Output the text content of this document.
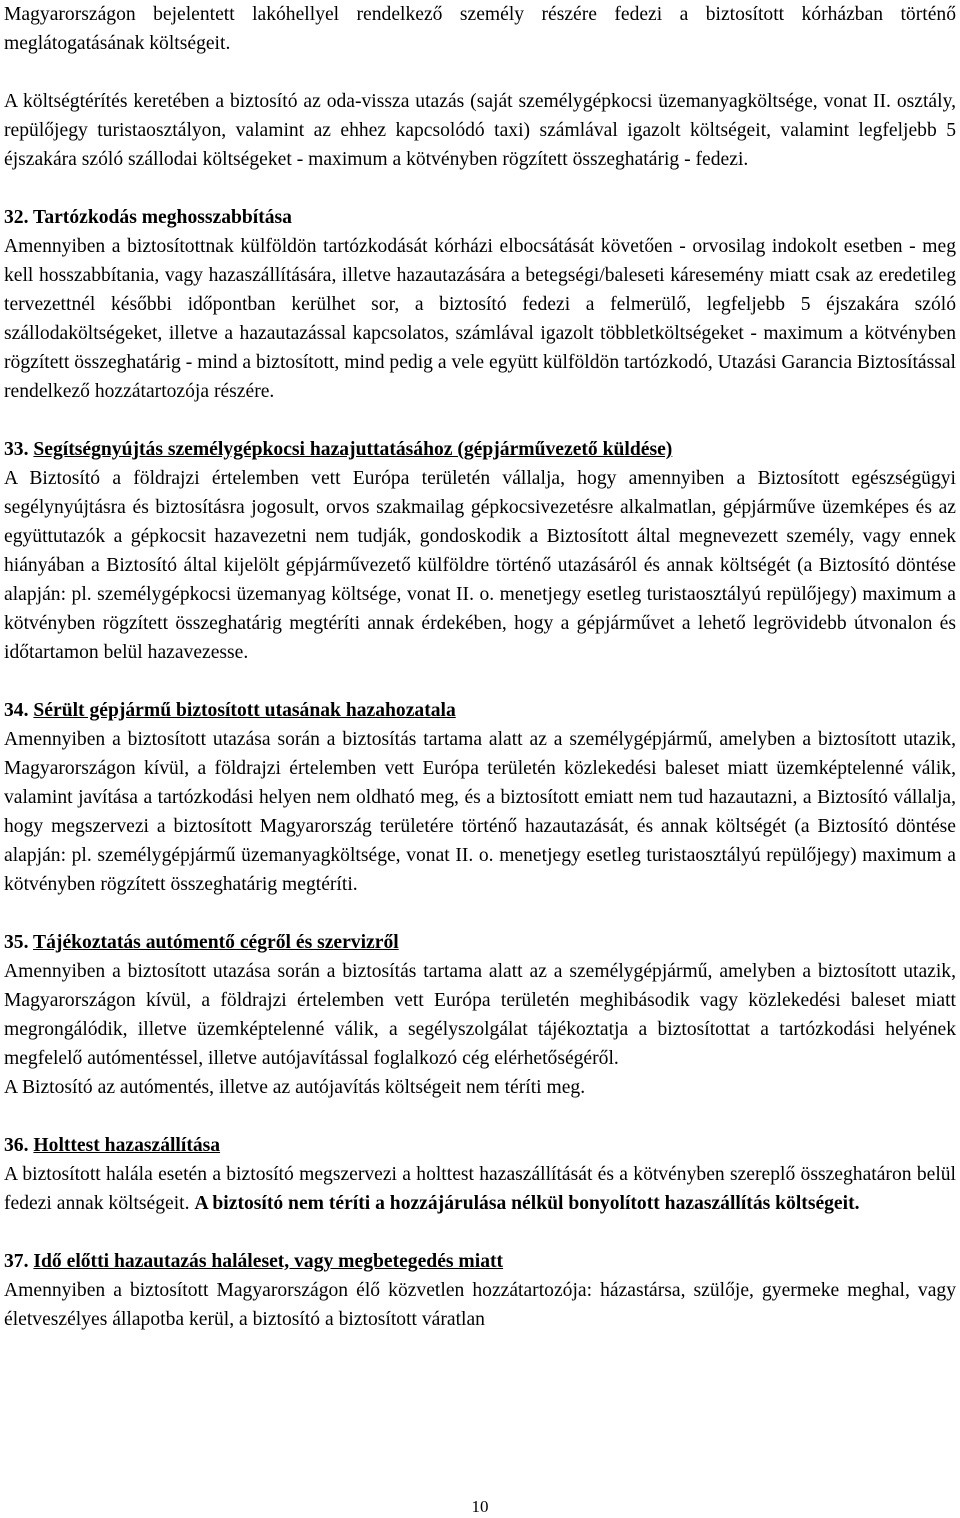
Magyarországon bejelentett lakóhellyel rendelkező személy részére fedezi a biztosított kórházban történő meglátogatásának költségeit.

A költségtérítés keretében a biztosító az oda-vissza utazás (saját személygépkocsi üzemanyagköltsége, vonat II. osztály, repülőjegy turistaosztályon, valamint az ehhez kapcsolódó taxi) számlával igazolt költségeit, valamint legfeljebb 5 éjszakára szóló szállodai költségeket - maximum a kötvényben rögzített összeghatárig - fedezi.

32. Tartózkodás meghosszabbítása

Amennyiben a biztosítottnak külföldön tartózkodását kórházi elbocsátását követően - orvosilag indokolt esetben - meg kell hosszabbítania, vagy hazaszállítására, illetve hazautazására a betegségi/baleseti káresemény miatt csak az eredetileg tervezettnél későbbi időpontban kerülhet sor, a biztosító fedezi a felmerülő, legfeljebb 5 éjszakára szóló szállodaköltségeket, illetve a hazautazással kapcsolatos, számlával igazolt többletköltségeket - maximum a kötvényben rögzített összeghatárig - mind a biztosított, mind pedig a vele együtt külföldön tartózkodó, Utazási Garancia Biztosítással rendelkező hozzátartozója részére.

33. Segítségnyújtás személygépkocsi hazajuttatásához (gépjárművezető küldése)

A Biztosító a földrajzi értelemben vett Európa területén vállalja, hogy amennyiben a Biztosított egészségügyi segélynyújtásra és biztosításra jogosult, orvos szakmailag gépkocsivezetésre alkalmatlan, gépjárműve üzemképes és az együttutazók a gépkocsit hazavezetni nem tudják, gondoskodik a Biztosított által megnevezett személy, vagy ennek hiányában a Biztosító által kijelölt gépjárművezető külföldre történő utazásáról és annak költségét (a Biztosító döntése alapján: pl. személygépkocsi üzemanyag költsége, vonat II. o. menetjegy esetleg turistaosztályú repülőjegy) maximum a kötvényben rögzített összeghatárig megtéríti annak érdekében, hogy a gépjárművet a lehető legrövidebb útvonalon és időtartamon belül hazavezesse.

34. Sérült gépjármű biztosított utasának hazahozatala

Amennyiben a biztosított utazása során a biztosítás tartama alatt az a személygépjármű, amelyben a biztosított utazik, Magyarországon kívül, a földrajzi értelemben vett Európa területén közlekedési baleset miatt üzemképtelenné válik, valamint javítása a tartózkodási helyen nem oldható meg, és a biztosított emiatt nem tud hazautazni, a Biztosító vállalja, hogy megszervezi a biztosított Magyarország területére történő hazautazását, és annak költségét (a Biztosító döntése alapján: pl. személygépjármű üzemanyagköltsége, vonat II. o. menetjegy esetleg turistaosztályú repülőjegy) maximum a kötvényben rögzített összeghatárig megtéríti.

35. Tájékoztatás autómentő cégről és szervizről

Amennyiben a biztosított utazása során a biztosítás tartama alatt az a személygépjármű, amelyben a biztosított utazik, Magyarországon kívül, a földrajzi értelemben vett Európa területén meghibásodik vagy közlekedési baleset miatt megrongálódik, illetve üzemképtelenné válik, a segélyszolgálat tájékoztatja a biztosítottat a tartózkodási helyének megfelelő autómentéssel, illetve autójavítással foglalkozó cég elérhetőségéről.

A Biztosító az autómentés, illetve az autójavítás költségeit nem téríti meg.

36. Holttest hazaszállítása

A biztosított halála esetén a biztosító megszervezi a holttest hazaszállítását és a kötvényben szereplő összeghatáron belül fedezi annak költségeit. A biztosító nem téríti a hozzájárulása nélkül bonyolított hazaszállítás költségeit.

37. Idő előtti hazautazás haláleset, vagy megbetegedés miatt

Amennyiben a biztosított Magyarországon élő közvetlen hozzátartozója: házastársa, szülője, gyermeke meghal, vagy életveszélyes állapotba kerül, a biztosító a biztosított váratlan

10
